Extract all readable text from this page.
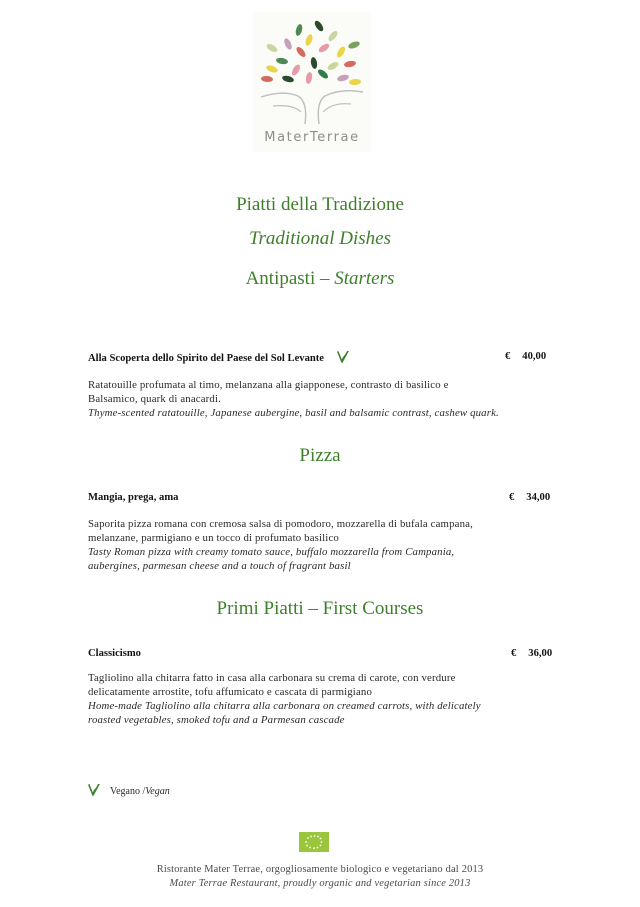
MaterTerrae
Piatti della Tradizione
Traditional Dishes
Antipasti – Starters
Alla Scoperta dello Spirito del Paese del Sol Levante	€ 40,00
Ratatouille profumata al timo, melanzana alla giapponese, contrasto di basilico e
Balsamico, quark di anacardi.
Thyme-scented ratatouille, Japanese aubergine, basil and balsamic contrast, cashew quark.
Pizza
Mangia, prega, ama	€ 34,00
Saporita pizza romana con cremosa salsa di pomodoro, mozzarella di bufala campana,
melanzane, parmigiano e un tocco di profumato basilico
Tasty Roman pizza with creamy tomato sauce, buffalo mozzarella from Campania,
aubergines, parmesan cheese and a touch of fragrant basil
Primi Piatti – First Courses
Classicismo	€ 36,00
Tagliolino alla chitarra fatto in casa alla carbonara su crema di carote, con verdure
delicatamente arrostite, tofu affumicato e cascata di parmigiano
Home-made Tagliolino alla chitarra alla carbonara on creamed carrots, with delicately
roasted vegetables, smoked tofu and a Parmesan cascade
Vegano /Vegan
Ristorante Mater Terrae, orgogliosamente biologico e vegetariano dal 2013
Mater Terrae Restaurant, proudly organic and vegetarian since 2013
